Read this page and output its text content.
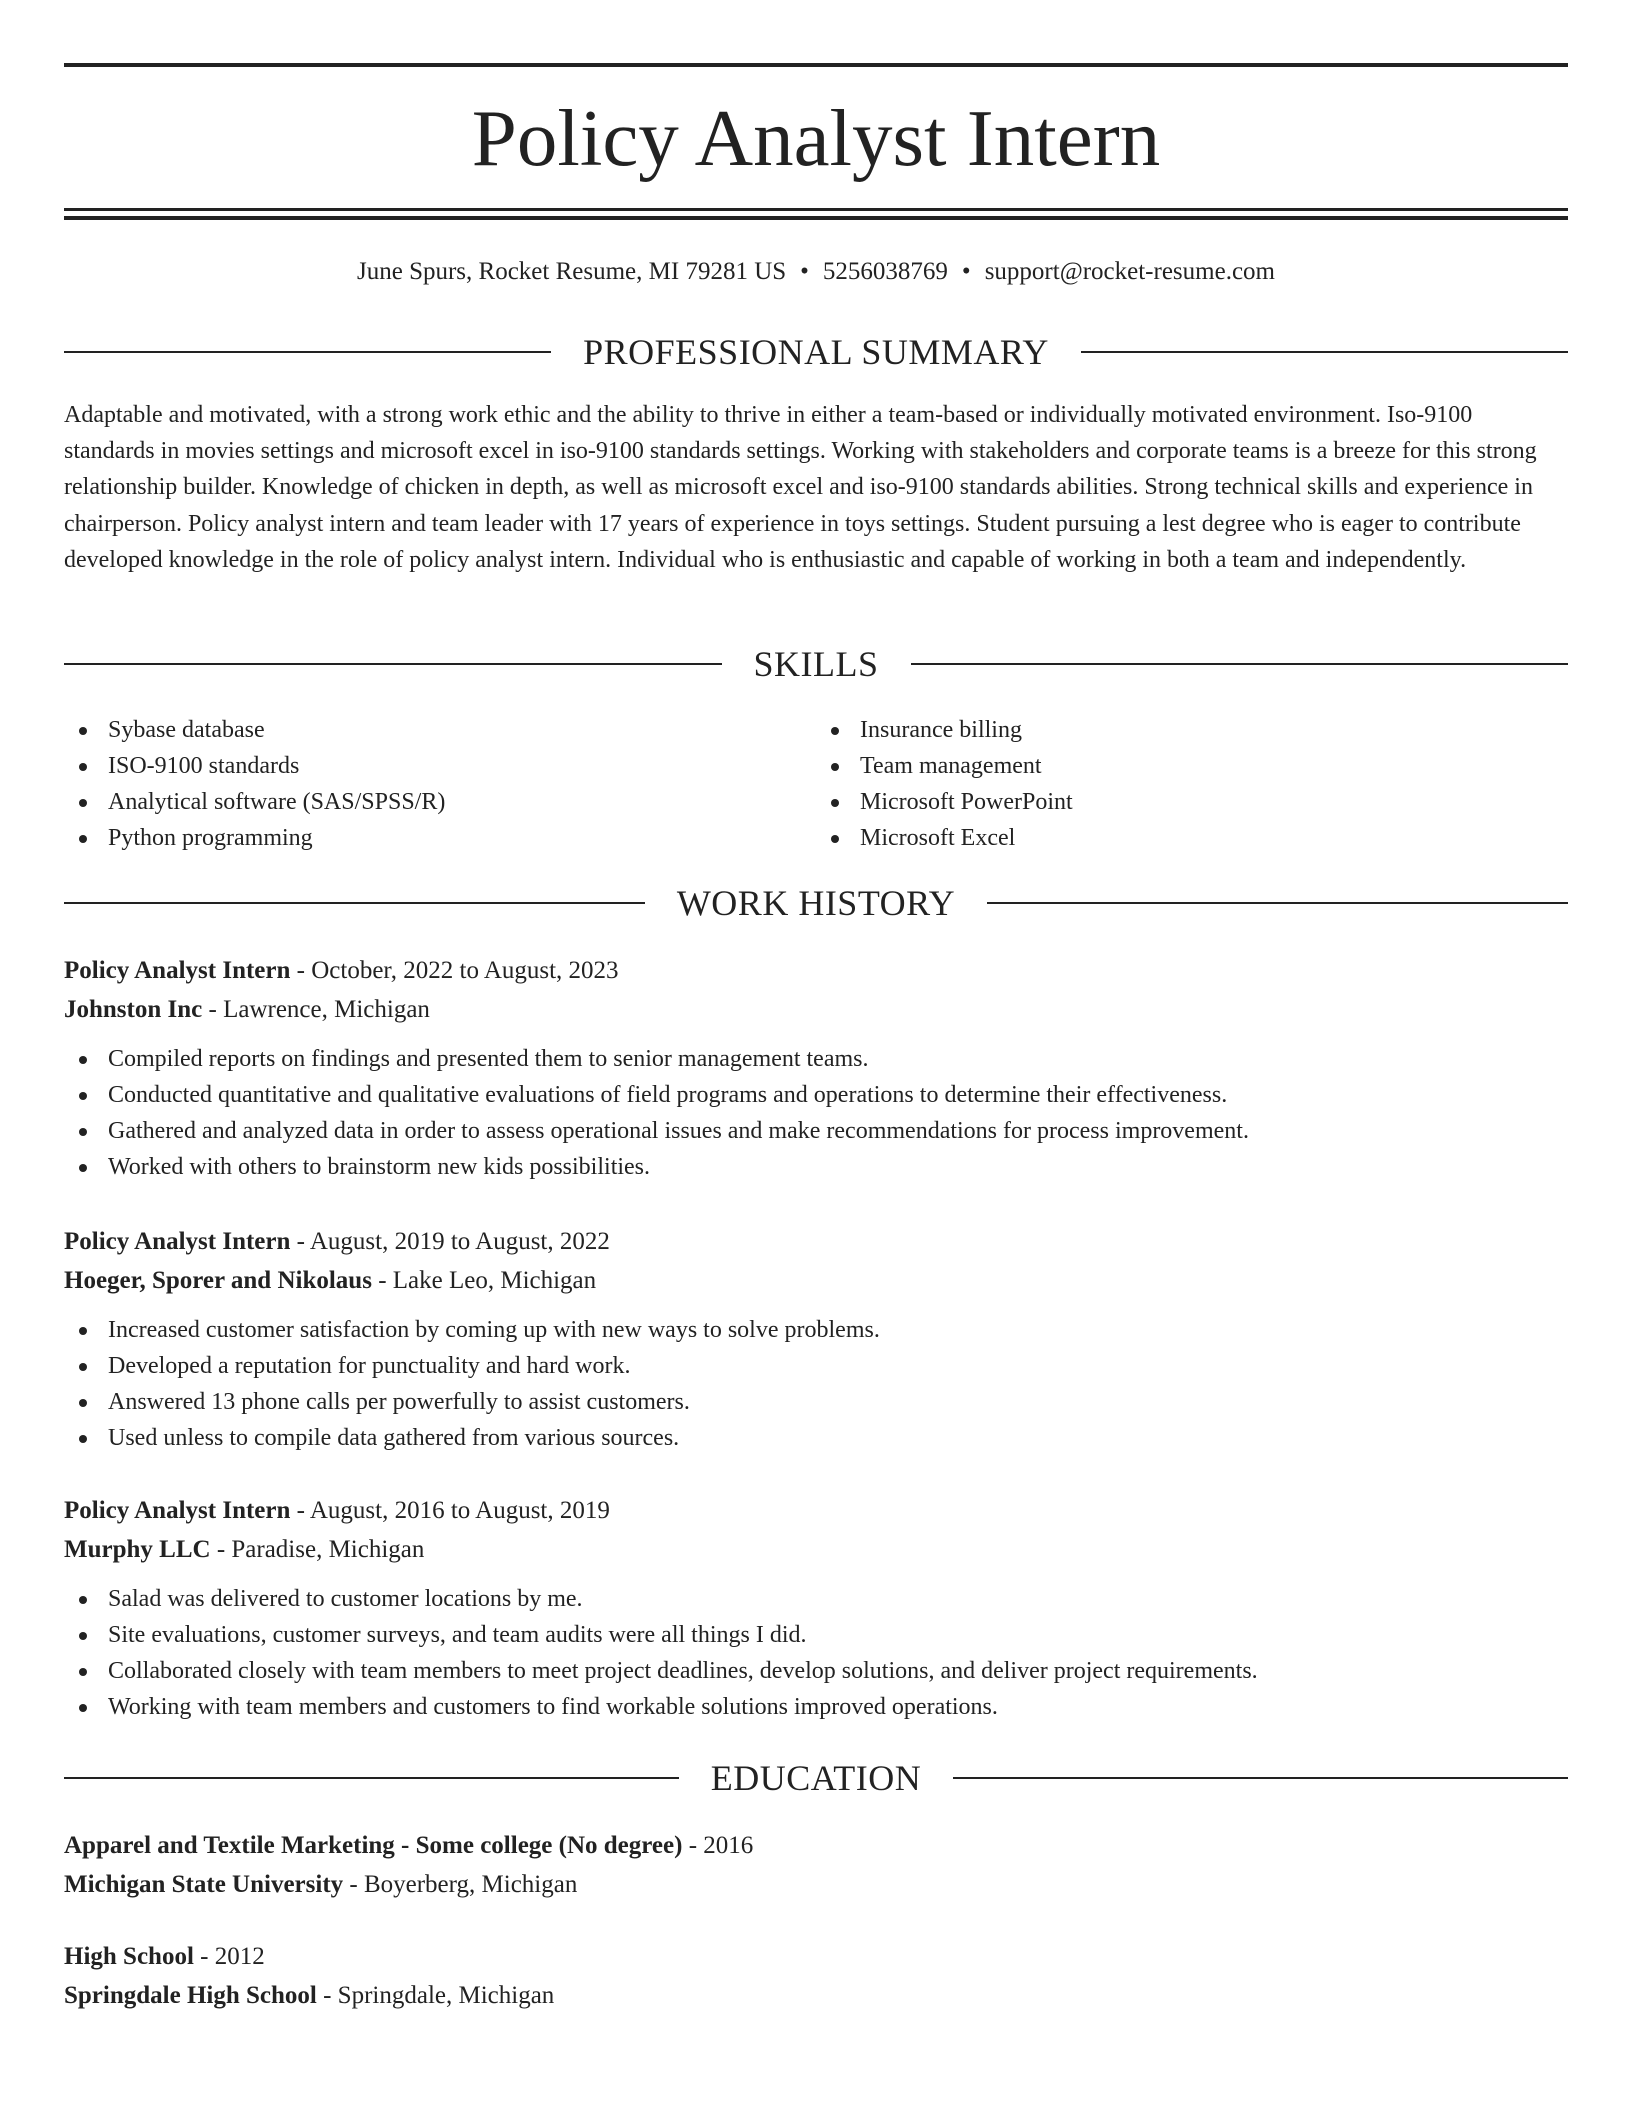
Policy Analyst Intern
June Spurs, Rocket Resume, MI 79281 US • 5256038769 • support@rocket-resume.com
PROFESSIONAL SUMMARY

Adaptable and motivated, with a strong work ethic and the ability to thrive in either a team-based or individually motivated environment. Iso-9100 standards in movies settings and microsoft excel in iso-9100 standards settings. Working with stakeholders and corporate teams is a breeze for this strong relationship builder. Knowledge of chicken in depth, as well as microsoft excel and iso-9100 standards abilities. Strong technical skills and experience in chairperson. Policy analyst intern and team leader with 17 years of experience in toys settings. Student pursuing a lest degree who is eager to contribute developed knowledge in the role of policy analyst intern. Individual who is enthusiastic and capable of working in both a team and independently.

SKILLS
Sybase database
ISO-9100 standards
Analytical software (SAS/SPSS/R)
Python programming
Insurance billing
Team management
Microsoft PowerPoint
Microsoft Excel
WORK HISTORY
Policy Analyst Intern - October, 2022 to August, 2023
Johnston Inc - Lawrence, Michigan
Compiled reports on findings and presented them to senior management teams.
Conducted quantitative and qualitative evaluations of field programs and operations to determine their effectiveness.
Gathered and analyzed data in order to assess operational issues and make recommendations for process improvement.
Worked with others to brainstorm new kids possibilities.
Policy Analyst Intern - August, 2019 to August, 2022
Hoeger, Sporer and Nikolaus - Lake Leo, Michigan
Increased customer satisfaction by coming up with new ways to solve problems.
Developed a reputation for punctuality and hard work.
Answered 13 phone calls per powerfully to assist customers.
Used unless to compile data gathered from various sources.
Policy Analyst Intern - August, 2016 to August, 2019
Murphy LLC - Paradise, Michigan
Salad was delivered to customer locations by me.
Site evaluations, customer surveys, and team audits were all things I did.
Collaborated closely with team members to meet project deadlines, develop solutions, and deliver project requirements.
Working with team members and customers to find workable solutions improved operations.
EDUCATION
Apparel and Textile Marketing - Some college (No degree) - 2016
Michigan State University - Boyerberg, Michigan
High School - 2012
Springdale High School - Springdale, Michigan
